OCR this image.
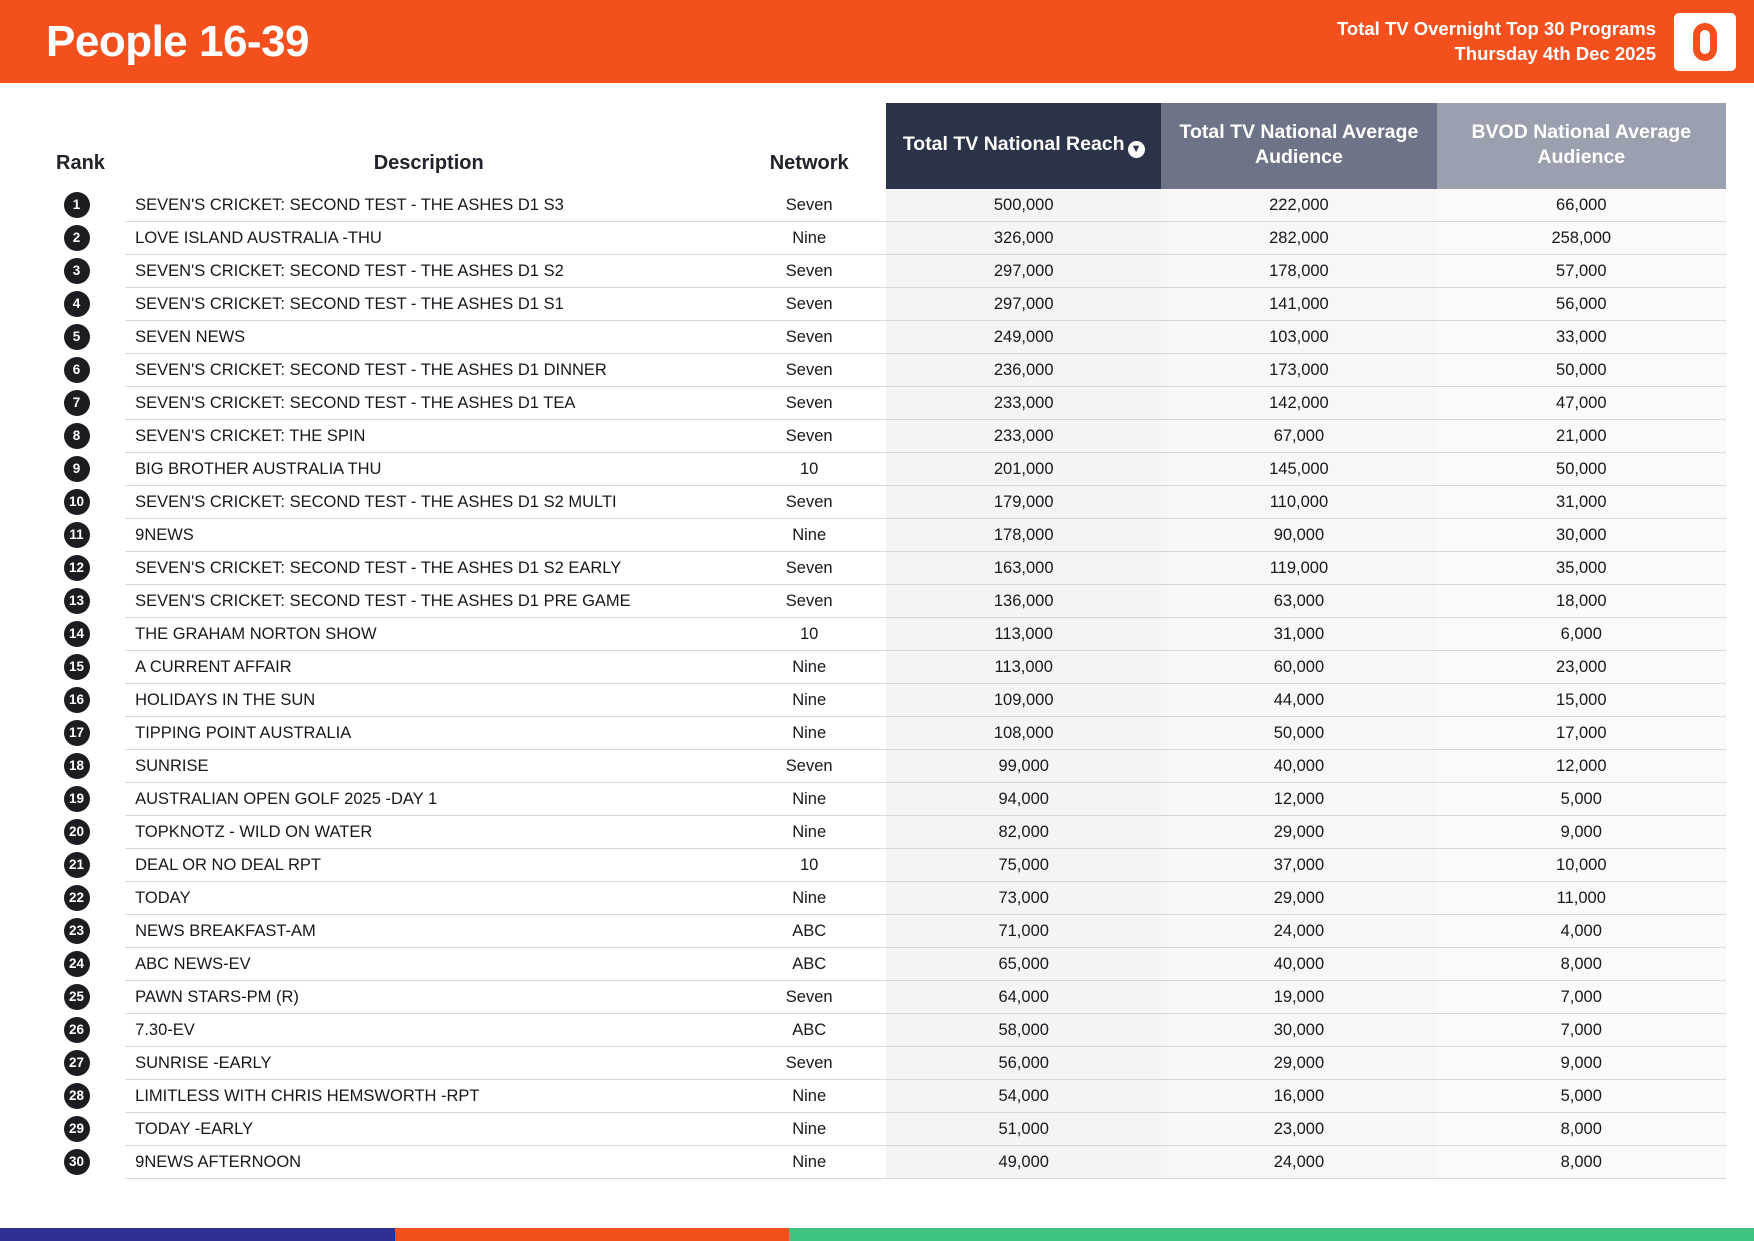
People 16-39	Total TV Overnight Top 30 Programs
Thursday 4th Dec 2025
Rank	Description	Network	Total TV National Reach ▼	Total TV National Average Audience	BVOD National Average Audience
1	SEVEN'S CRICKET: SECOND TEST - THE ASHES D1 S3	Seven	500,000	222,000	66,000
2	LOVE ISLAND AUSTRALIA -THU	Nine	326,000	282,000	258,000
3	SEVEN'S CRICKET: SECOND TEST - THE ASHES D1 S2	Seven	297,000	178,000	57,000
4	SEVEN'S CRICKET: SECOND TEST - THE ASHES D1 S1	Seven	297,000	141,000	56,000
5	SEVEN NEWS	Seven	249,000	103,000	33,000
6	SEVEN'S CRICKET: SECOND TEST - THE ASHES D1 DINNER	Seven	236,000	173,000	50,000
7	SEVEN'S CRICKET: SECOND TEST - THE ASHES D1 TEA	Seven	233,000	142,000	47,000
8	SEVEN'S CRICKET: THE SPIN	Seven	233,000	67,000	21,000
9	BIG BROTHER AUSTRALIA THU	10	201,000	145,000	50,000
10	SEVEN'S CRICKET: SECOND TEST - THE ASHES D1 S2 MULTI	Seven	179,000	110,000	31,000
11	9NEWS	Nine	178,000	90,000	30,000
12	SEVEN'S CRICKET: SECOND TEST - THE ASHES D1 S2 EARLY	Seven	163,000	119,000	35,000
13	SEVEN'S CRICKET: SECOND TEST - THE ASHES D1 PRE GAME	Seven	136,000	63,000	18,000
14	THE GRAHAM NORTON SHOW	10	113,000	31,000	6,000
15	A CURRENT AFFAIR	Nine	113,000	60,000	23,000
16	HOLIDAYS IN THE SUN	Nine	109,000	44,000	15,000
17	TIPPING POINT AUSTRALIA	Nine	108,000	50,000	17,000
18	SUNRISE	Seven	99,000	40,000	12,000
19	AUSTRALIAN OPEN GOLF 2025 -DAY 1	Nine	94,000	12,000	5,000
20	TOPKNOTZ - WILD ON WATER	Nine	82,000	29,000	9,000
21	DEAL OR NO DEAL RPT	10	75,000	37,000	10,000
22	TODAY	Nine	73,000	29,000	11,000
23	NEWS BREAKFAST-AM	ABC	71,000	24,000	4,000
24	ABC NEWS-EV	ABC	65,000	40,000	8,000
25	PAWN STARS-PM (R)	Seven	64,000	19,000	7,000
26	7.30-EV	ABC	58,000	30,000	7,000
27	SUNRISE -EARLY	Seven	56,000	29,000	9,000
28	LIMITLESS WITH CHRIS HEMSWORTH -RPT	Nine	54,000	16,000	5,000
29	TODAY -EARLY	Nine	51,000	23,000	8,000
30	9NEWS AFTERNOON	Nine	49,000	24,000	8,000
